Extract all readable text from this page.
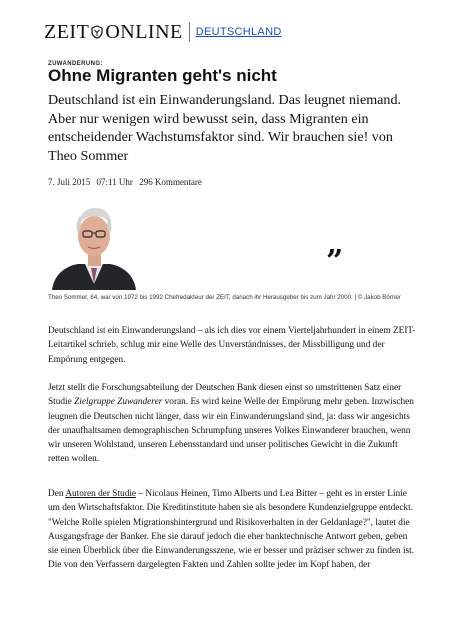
ZEIT ONLINE DEUTSCHLAND
ZUWANDERUNG:
Ohne Migranten geht's nicht

Deutschland ist ein Einwanderungsland. Das leugnet niemand. Aber nur wenigen wird bewusst sein, dass Migranten ein entscheidender Wachstumsfaktor sind. Wir brauchen sie! von Theo Sommer

7. Juli 2015 07:11 Uhr 296 Kommentare
”

Theo Sommer, 84, war von 1972 bis 1992 Chefredakteur der ZEIT, danach ihr Herausgeber bis zum Jahr 2000. | © Jakob Börner

Deutschland ist ein Einwanderungsland – als ich dies vor einem Vierteljahrhundert in einem ZEIT-Leitartikel schrieb, schlug mir eine Welle des Unverständnisses, der Missbilligung und der Empörung entgegen.

Jetzt stellt die Forschungsabteilung der Deutschen Bank diesen einst so umstrittenen Satz einer Studie Zielgruppe Zuwanderer voran. Es wird keine Welle der Empörung mehr geben. Inzwischen leugnen die Deutschen nicht länger, dass wir ein Einwanderungsland sind, ja: dass wir angesichts der unaufhaltsamen demographischen Schrumpfung unseres Volkes Einwanderer brauchen, wenn wir unseren Wohlstand, unseren Lebensstandard und unser politisches Gewicht in die Zukunft retten wollen.

Den Autoren der Studie – Nicolaus Heinen, Timo Alberts und Lea Bitter – geht es in erster Linie um den Wirtschaftsfaktor. Die Kreditinstitute haben sie als besondere Kundenzielgruppe entdeckt. "Welche Rolle spielen Migrationshintergrund und Risikoverhalten in der Geldanlage?", lautet die Ausgangsfrage der Banker. Ehe sie darauf jedoch die eher banktechnische Antwort geben, geben sie einen Überblick über die Einwanderungsszene, wie er besser und präziser schwer zu finden ist. Die von den Verfassern dargelegten Fakten und Zahlen sollte jeder im Kopf haben, der
